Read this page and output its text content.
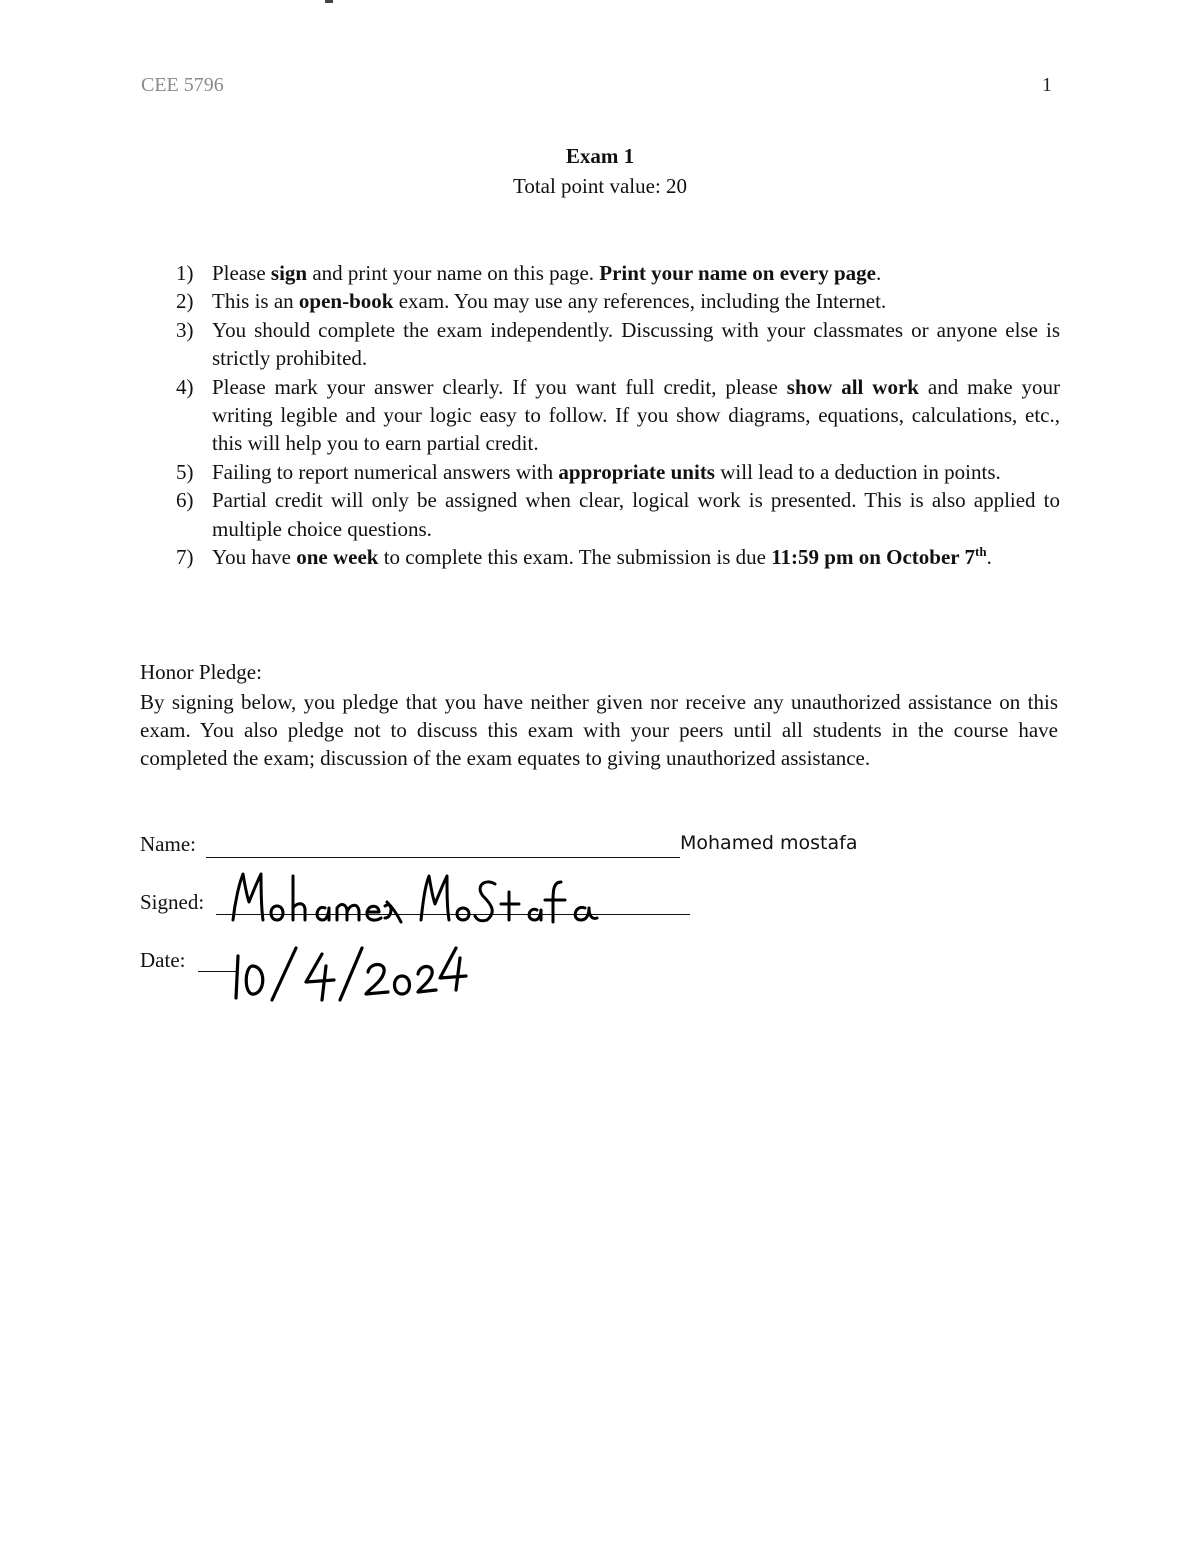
CEE 5796	1
Exam 1
Total point value: 20
1) Please sign and print your name on this page. Print your name on every page.
2) This is an open-book exam. You may use any references, including the Internet.
3) You should complete the exam independently. Discussing with your classmates or anyone else is strictly prohibited.
4) Please mark your answer clearly. If you want full credit, please show all work and make your writing legible and your logic easy to follow. If you show diagrams, equations, calculations, etc., this will help you to earn partial credit.
5) Failing to report numerical answers with appropriate units will lead to a deduction in points.
6) Partial credit will only be assigned when clear, logical work is presented. This is also applied to multiple choice questions.
7) You have one week to complete this exam. The submission is due 11:59 pm on October 7th.
Honor Pledge:
By signing below, you pledge that you have neither given nor receive any unauthorized assistance on this exam. You also pledge not to discuss this exam with your peers until all students in the course have completed the exam; discussion of the exam equates to giving unauthorized assistance.
Name:	Mohamed mostafa
Signed:
Date:
